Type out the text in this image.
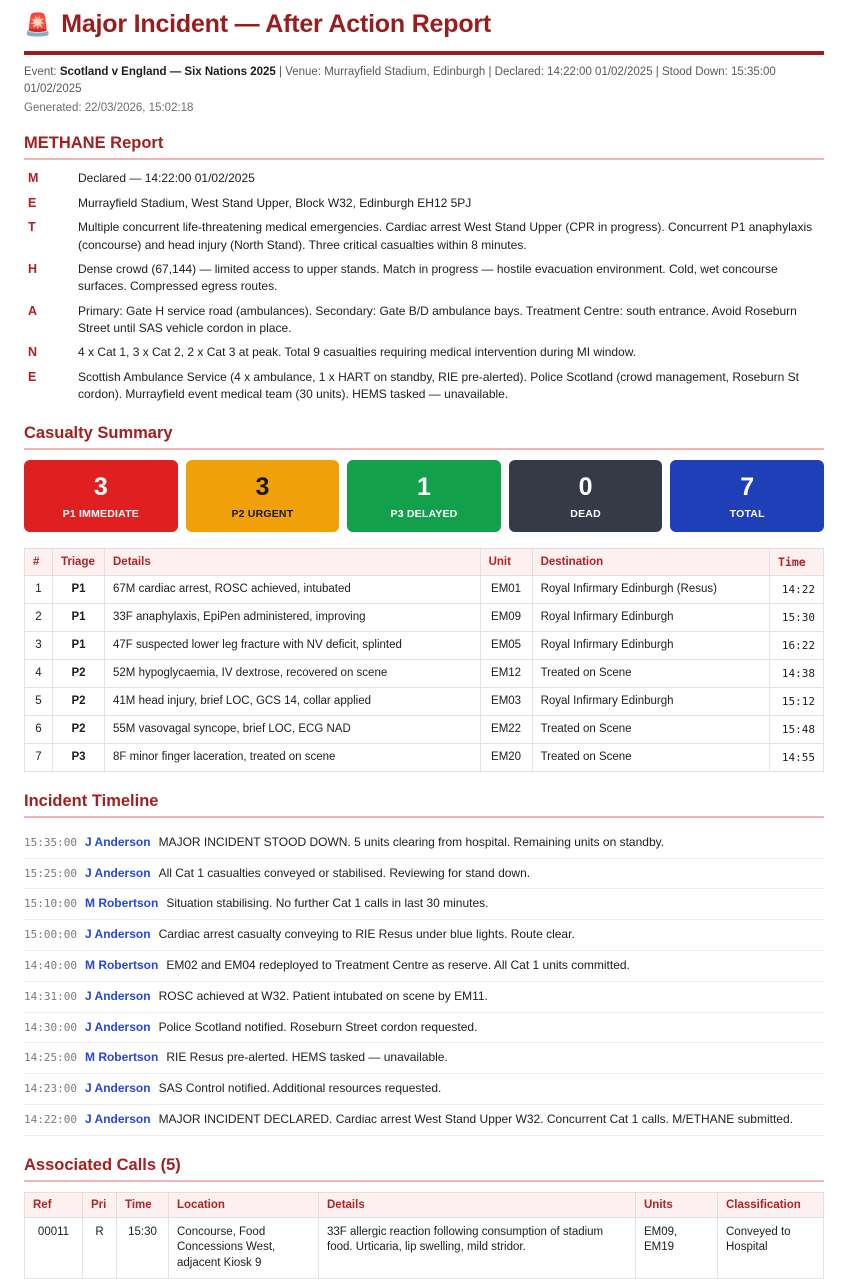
🚨 Major Incident — After Action Report
Event: Scotland v England — Six Nations 2025 | Venue: Murrayfield Stadium, Edinburgh | Declared: 14:22:00 01/02/2025 | Stood Down: 15:35:00 01/02/2025
Generated: 22/03/2026, 15:02:18
METHANE Report
M	Declared — 14:22:00 01/02/2025
E	Murrayfield Stadium, West Stand Upper, Block W32, Edinburgh EH12 5PJ
T	Multiple concurrent life-threatening medical emergencies. Cardiac arrest West Stand Upper (CPR in progress). Concurrent P1 anaphylaxis (concourse) and head injury (North Stand). Three critical casualties within 8 minutes.
H	Dense crowd (67,144) — limited access to upper stands. Match in progress — hostile evacuation environment. Cold, wet concourse surfaces. Compressed egress routes.
A	Primary: Gate H service road (ambulances). Secondary: Gate B/D ambulance bays. Treatment Centre: south entrance. Avoid Roseburn Street until SAS vehicle cordon in place.
N	4 x Cat 1, 3 x Cat 2, 2 x Cat 3 at peak. Total 9 casualties requiring medical intervention during MI window.
E	Scottish Ambulance Service (4 x ambulance, 1 x HART on standby, RIE pre-alerted). Police Scotland (crowd management, Roseburn St cordon). Murrayfield event medical team (30 units). HEMS tasked — unavailable.
Casualty Summary
3
P1 IMMEDIATE
3
P2 URGENT
1
P3 DELAYED
0
DEAD
7
TOTAL
#	Triage	Details	Unit	Destination	Time
1	P1	67M cardiac arrest, ROSC achieved, intubated	EM01	Royal Infirmary Edinburgh (Resus)	14:22
2	P1	33F anaphylaxis, EpiPen administered, improving	EM09	Royal Infirmary Edinburgh	15:30
3	P1	47F suspected lower leg fracture with NV deficit, splinted	EM05	Royal Infirmary Edinburgh	16:22
4	P2	52M hypoglycaemia, IV dextrose, recovered on scene	EM12	Treated on Scene	14:38
5	P2	41M head injury, brief LOC, GCS 14, collar applied	EM03	Royal Infirmary Edinburgh	15:12
6	P2	55M vasovagal syncope, brief LOC, ECG NAD	EM22	Treated on Scene	15:48
7	P3	8F minor finger laceration, treated on scene	EM20	Treated on Scene	14:55
Incident Timeline
15:35:00 J Anderson MAJOR INCIDENT STOOD DOWN. 5 units clearing from hospital. Remaining units on standby.
15:25:00 J Anderson All Cat 1 casualties conveyed or stabilised. Reviewing for stand down.
15:10:00 M Robertson Situation stabilising. No further Cat 1 calls in last 30 minutes.
15:00:00 J Anderson Cardiac arrest casualty conveying to RIE Resus under blue lights. Route clear.
14:40:00 M Robertson EM02 and EM04 redeployed to Treatment Centre as reserve. All Cat 1 units committed.
14:31:00 J Anderson ROSC achieved at W32. Patient intubated on scene by EM11.
14:30:00 J Anderson Police Scotland notified. Roseburn Street cordon requested.
14:25:00 M Robertson RIE Resus pre-alerted. HEMS tasked — unavailable.
14:23:00 J Anderson SAS Control notified. Additional resources requested.
14:22:00 J Anderson MAJOR INCIDENT DECLARED. Cardiac arrest West Stand Upper W32. Concurrent Cat 1 calls. M/ETHANE submitted.
Associated Calls (5)
Ref	Pri	Time	Location	Details	Units	Classification
00011	R	15:30	Concourse, Food Concessions West, adjacent Kiosk 9	33F allergic reaction following consumption of stadium food. Urticaria, lip swelling, mild stridor.	EM09, EM19	Conveyed to Hospital
